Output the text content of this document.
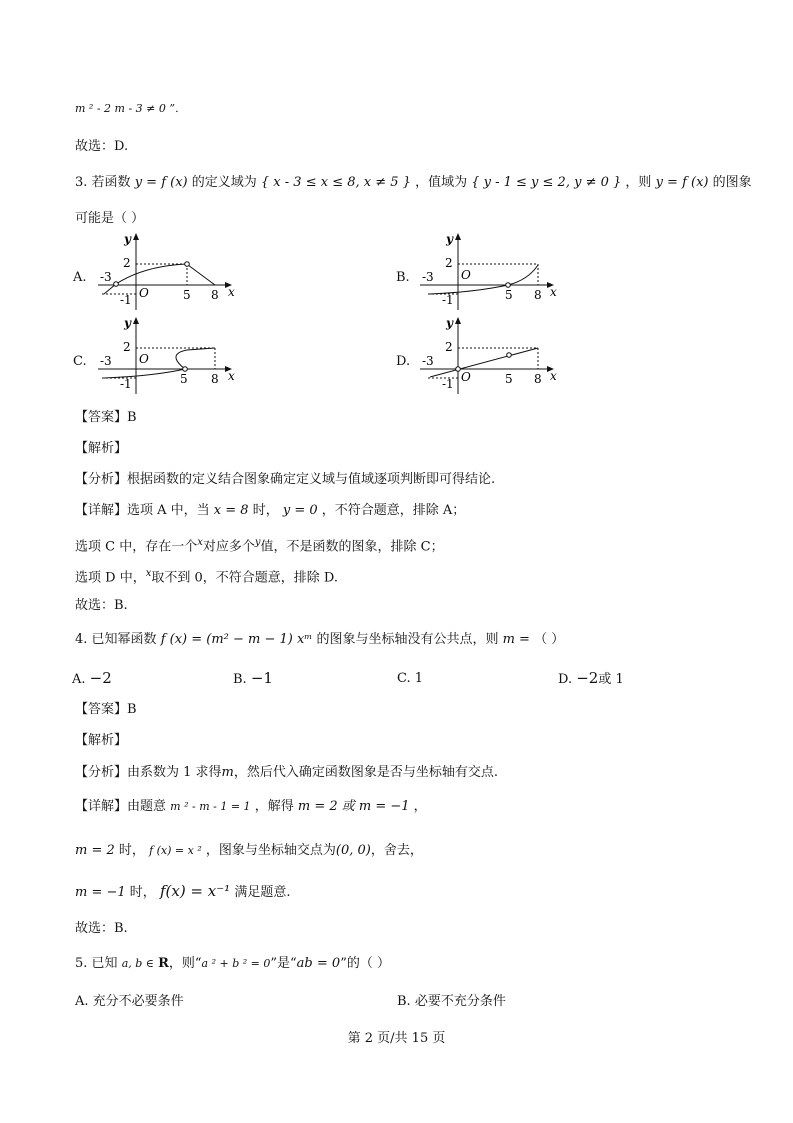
m ² - 2 m - 3 ≠ 0 ”．
故选：D.
3. 若函数 y = f (x) 的定义域为 { x - 3 ≤ x ≤ 8, x ≠ 5 } ，值域为 { y - 1 ≤ y ≤ 2, y ≠ 0 } ，则 y = f (x) 的图象
可能是（ ）
A.
y
2
-3
-1 O	5 8 x
B.
y
2
-3
-1
O
5 8 x
C.
y
2
-3
-1
O
5 8 x
D.
y
2
-3
-1 O	5 8 x
【答案】B
【解析】
【分析】根据函数的定义结合图象确定定义域与值域逐项判断即可得结论.
【详解】选项 A 中，当 x = 8 时， y = 0 ，不符合题意，排除 A；
选项 C 中，存在一个$^x$对应多个$^y$值，不是函数的图象，排除 C；
选项 D 中，$^x$取不到 0，不符合题意，排除 D.
故选：B.
4. 已知幂函数 f (x) = (m² − m − 1) xᵐ 的图象与坐标轴没有公共点，则 m = （ ）
A. −2	B. −1	C. 1	D. −2或 1
【答案】B
【解析】
【分析】由系数为 1 求得m，然后代入确定函数图象是否与坐标轴有交点.
【详解】由题意 m ² - m - 1 = 1 ，解得 m = 2 或 m = −1 ，
m = 2 时， f (x) = x ² ，图象与坐标轴交点为(0, 0)，舍去，
m = −1 时， f(x) = x⁻¹ 满足题意.
故选：B.
5. 已知 a, b ∈ R，则“a ² + b ² = 0”是“ab = 0”的（ ）
A. 充分不必要条件	B. 必要不充分条件
第 2 页/共 15 页
